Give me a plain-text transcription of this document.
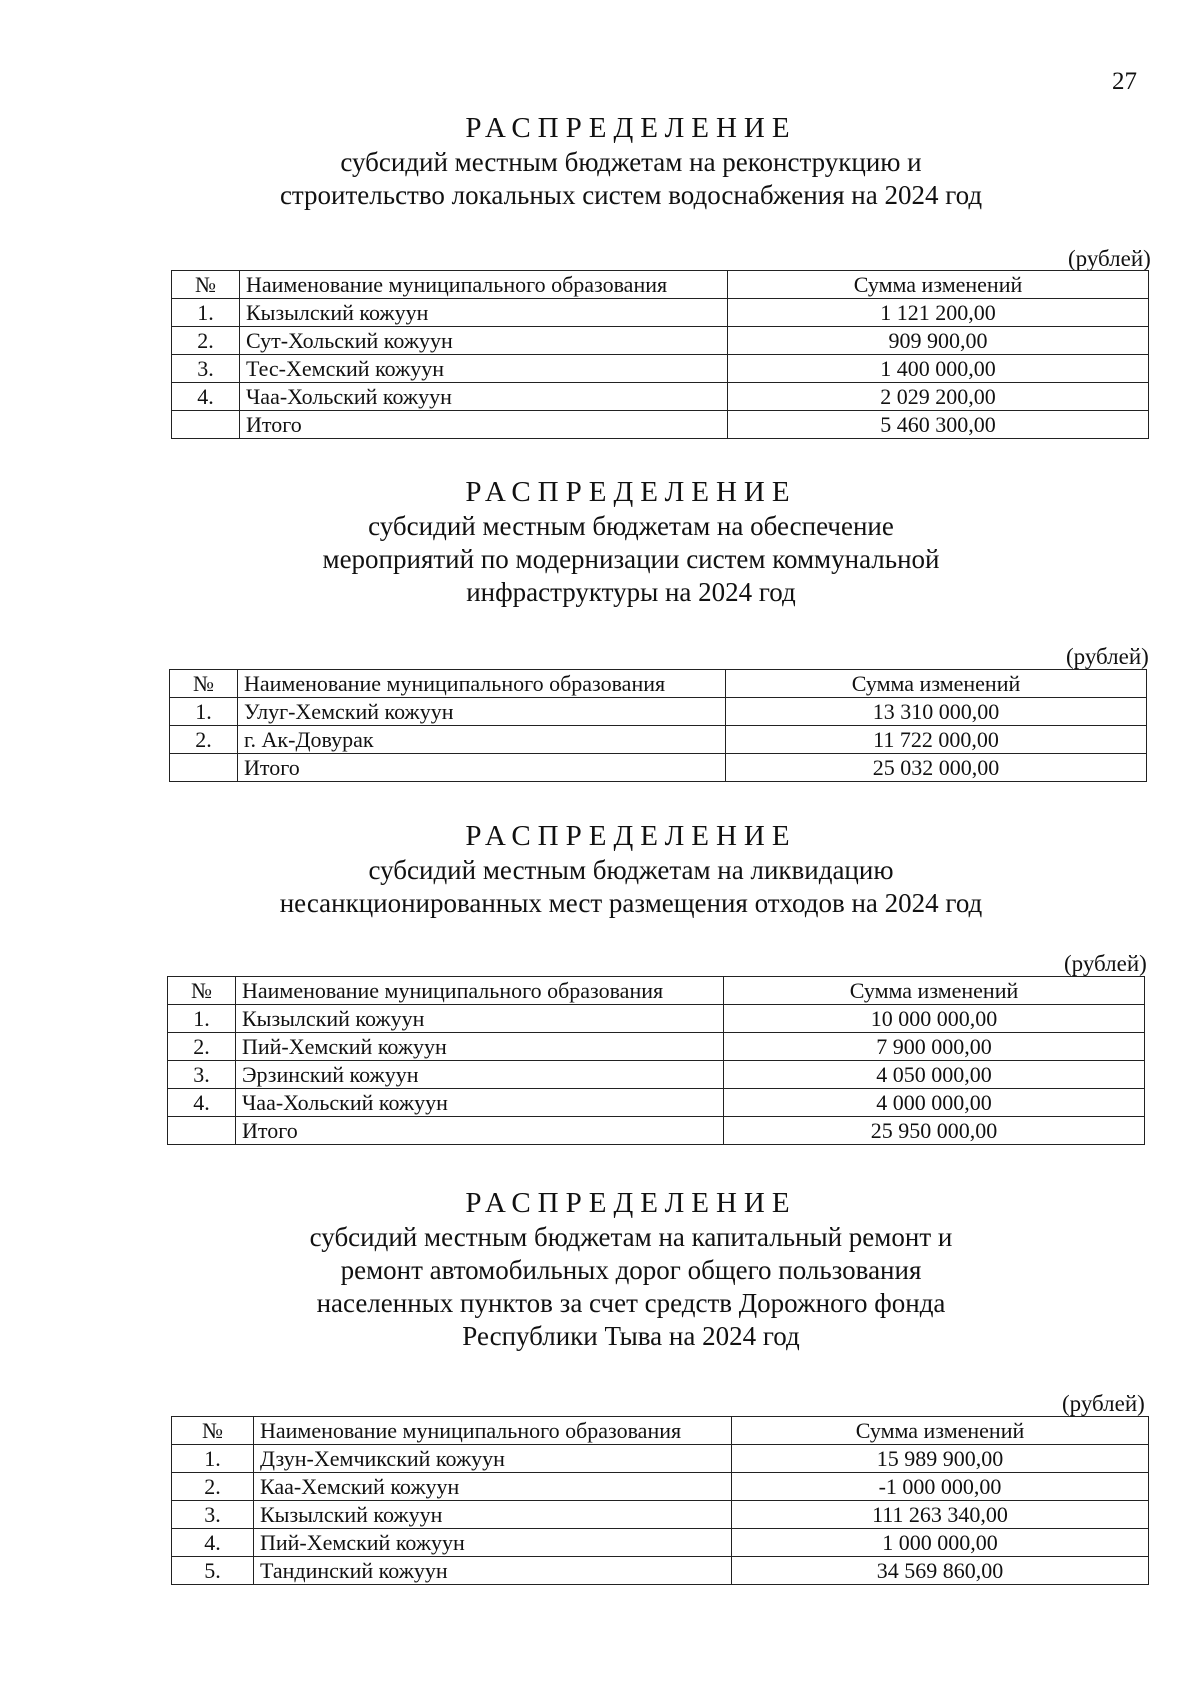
27
РАСПРЕДЕЛЕНИЕ
субсидий местным бюджетам на реконструкцию и
строительство локальных систем водоснабжения на 2024 год
(рублей)
№	Наименование муниципального образования	Сумма изменений
1.	Кызылский кожуун	1 121 200,00
2.	Сут-Хольский кожуун	909 900,00
3.	Тес-Хемский кожуун	1 400 000,00
4.	Чаа-Хольский кожуун	2 029 200,00
	Итого	5 460 300,00
РАСПРЕДЕЛЕНИЕ
субсидий местным бюджетам на обеспечение
мероприятий по модернизации систем коммунальной
инфраструктуры на 2024 год
(рублей)
№	Наименование муниципального образования	Сумма изменений
1.	Улуг-Хемский кожуун	13 310 000,00
2.	г. Ак-Довурак	11 722 000,00
	Итого	25 032 000,00
РАСПРЕДЕЛЕНИЕ
субсидий местным бюджетам на ликвидацию
несанкционированных мест размещения отходов на 2024 год
(рублей)
№	Наименование муниципального образования	Сумма изменений
1.	Кызылский кожуун	10 000 000,00
2.	Пий-Хемский кожуун	7 900 000,00
3.	Эрзинский кожуун	4 050 000,00
4.	Чаа-Хольский кожуун	4 000 000,00
	Итого	25 950 000,00
РАСПРЕДЕЛЕНИЕ
субсидий местным бюджетам на капитальный ремонт и
ремонт автомобильных дорог общего пользования
населенных пунктов за счет средств Дорожного фонда
Республики Тыва на 2024 год
(рублей)
№	Наименование муниципального образования	Сумма изменений
1.	Дзун-Хемчикский кожуун	15 989 900,00
2.	Каа-Хемский кожуун	-1 000 000,00
3.	Кызылский кожуун	111 263 340,00
4.	Пий-Хемский кожуун	1 000 000,00
5.	Тандинский кожуун	34 569 860,00
